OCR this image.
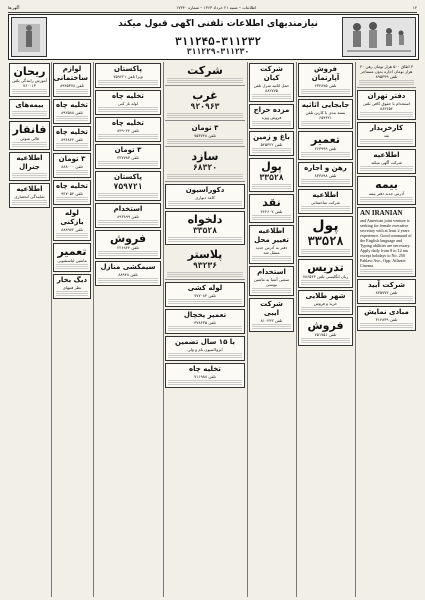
۱۴
اطلاعات – شنبه ۲۱ خرداد ۱۳۶۳ – شماره ۱۷۳۳۰
آگهی‌ها
نیازمندیهای اطلاعات تلفنی آگهی قبول میکند
۳۱۱۲۴۵-۳۱۱۲۳۲
۳۱۱۲۲۹-۳۱۱۲۳۰
۳ اطاق ۵۰۰ هزار تومان رهن ۴۰ هزار تومان اجاره بدون مستاجر تلفن ۸۹۵۳۴۹
دفتر تهران
استخدام با حقوق کافی تلفن ۸۸۳۶۵۲
کارخریدار
نقد
اطلاعیه
شرکت آگهی میکند
بیمه
آدرس جدید دفتر بیمه
AN IRANIAN
and American joint venture is seeking for female executive secretary with at least 2 years experience. Good command of the English language and Typing abilities are necessary. Apply daily from 8 to 12 am except holidays to No. 250 Pahlavi Ave., Opp. Atlantic Cinema.
شرکت آبید
تلفن ۸۳۵۷۷۴
مبادی نمایش
تلفن ۳۱۴۸۳۹
فروش آپارتمان
تلفن ۲۳۴۸۷۵
جابجایی اثاثیه
بسته بندی با کارتن تلفن ۶۵۴۳۲۱
تعمیر
تلفن ۲۶۳۹۹۹
رهن و اجاره
تلفن ۸۳۳۸۹۸
اطلاعیه
شرکت ساختمانی
پول
۳۳۵۲۸
تدریس
زبان انگلیسی تلفن ۷۸۶۵۴۳
شهر طلایی
خرید و فروش
فروش
تلفن ۷۵۱۷۵۱
شرکت کیان
حمل اثاثیه منزل تلفن ۸۸۲۷۷۵
مزده حراج
فروش ویژه
باغ و زمین
تلفن ۵۲۵۳۲۲
پول
۳۳۵۲۸
نقد
تلفن ۴۴۲۶۰۷
اطلاعیه تغییر محل
دفتر به آدرس جدید منتقل شد
استخدام
منشی آشنا به ماشین نویسی
شرکت ایبی
تلفن ۸۱۰۲۴۳
شرکت
غرب
۹۲۰۹۶۳
۳ تومان
تلفن ۷۵۳۷۴۸
سازد
۶۸۳۲۰
دکوراسیون
کاغذ دیواری
دلخواه
۳۳۵۲۸
پلاستر
۹۳۲۳۶
لوله کشی
تلفن ۷۷۷۰۸۳
تعمیر یخچال
تلفن ۳۷۸۴۳۵
با ۱۵ سال تضمین
ایزولاسیون بام و ولی
تخلیه چاه
تلفن ۷۱۱۹۸۸
پاکستان
ویزا تلفن ۷۵۹۶۲۱
تخلیه چاه
لوله باز کنی
تخلیه چاه
تلفن ۸۴۹۰۲۴
۳ تومان
تلفن ۳۳۷۷۸۳
پاکستان
۷۵۹۷۲۱
استخدام
تلفن ۸۹۳۸۹۹
فروش
تلفن ۲۲۶۸۴۴
سیمکشی منازل
تلفن ۸۸۹۴۸
لوازم ساختمانی
تلفن ۸۹۴۵۳۷۸
تخلیه چاه
تلفن ۸۹۲۵۸۸
تخلیه چاه
تلفن ۸۹۴۸۴۴
۳ تومان
تلفن ۸۸۸۰۰۰
تخلیه چاه
تلفن ۹۴۷۰۵۴
لوله بازکنی
تلفن ۸۸۸۹۷۲
تعمیر
ماشین لباسشویی
دیگ بخار
نظر فنیهای
ریحان
آموزش رانندگی تلفن ۷۶۰۰۱۳
بیمه‌های
فانفار
قالی شوئی
اطلاعیه جنرال
اطلاعیه
نمایندگی انحصاری
